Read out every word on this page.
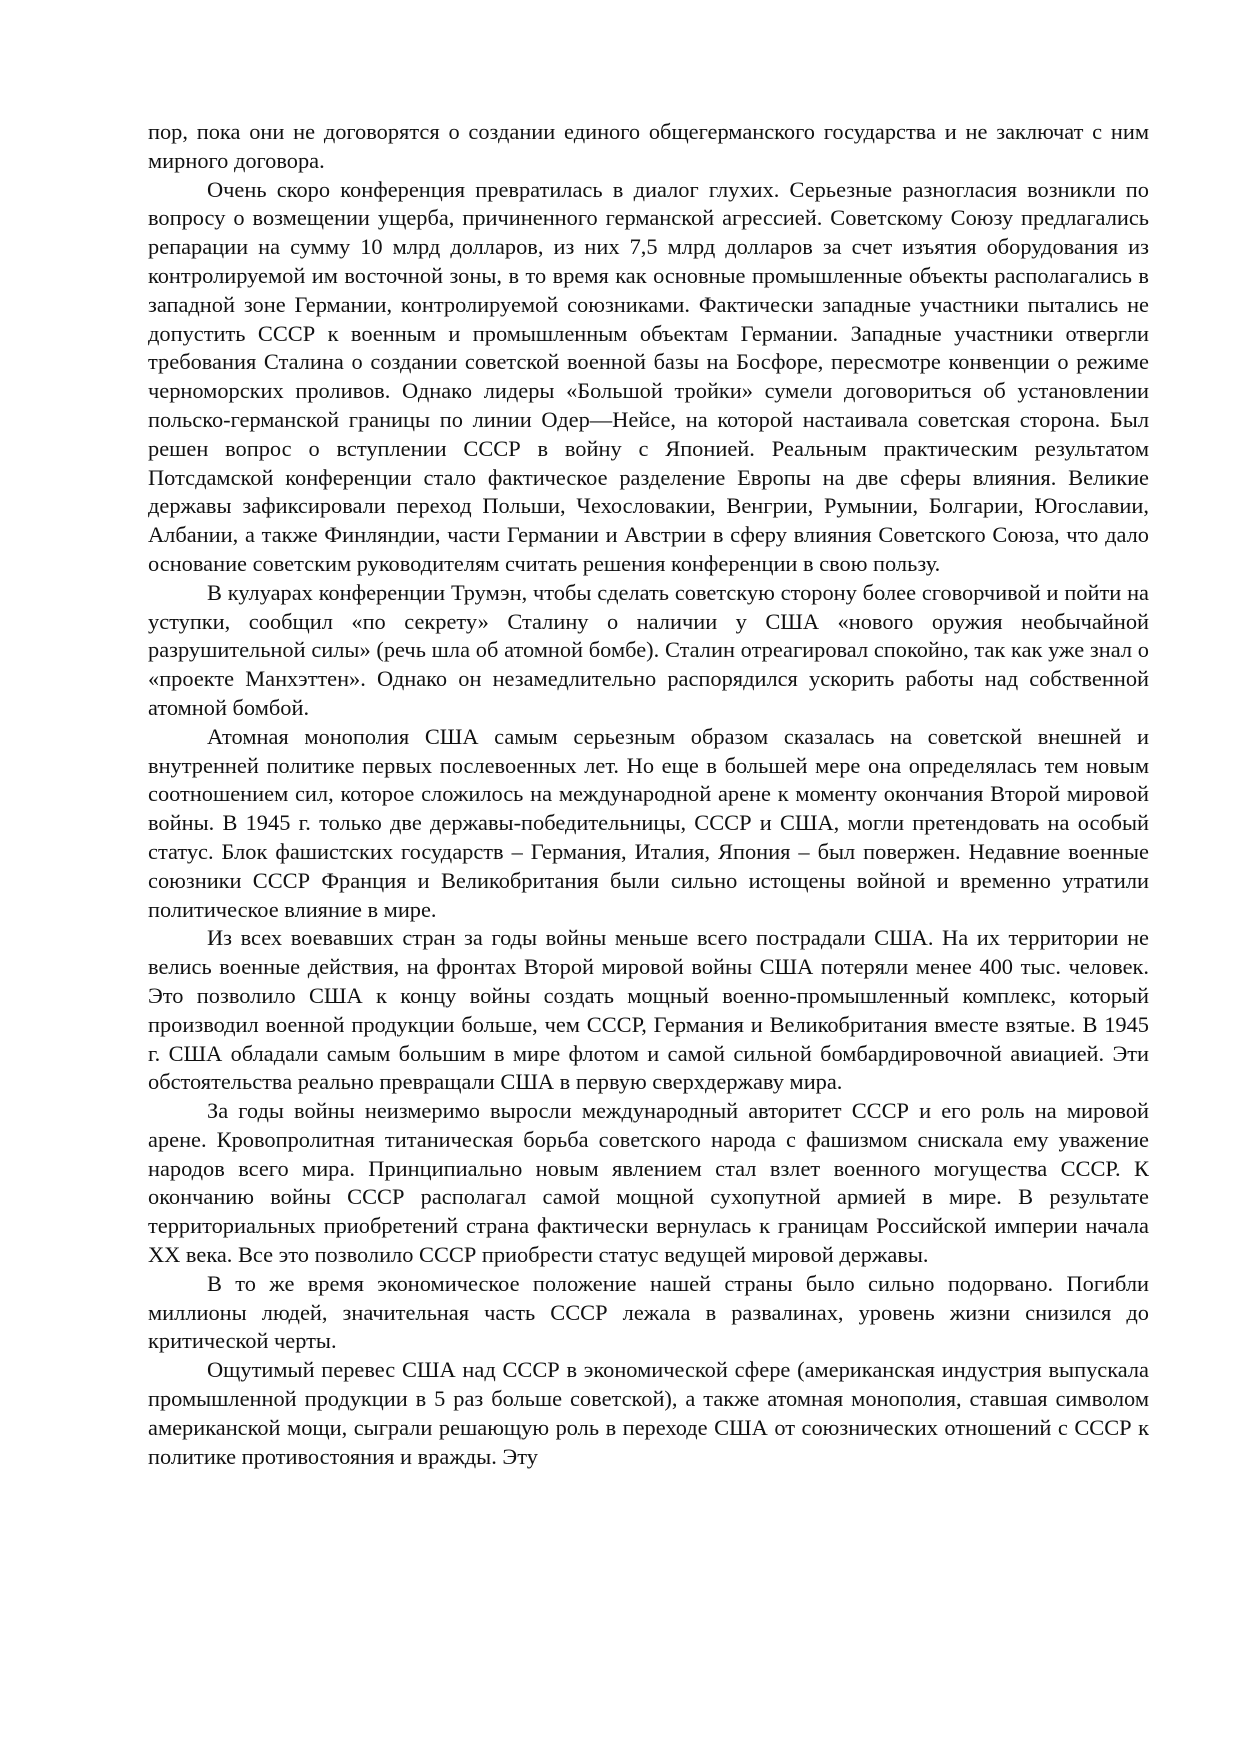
пор, пока они не договорятся о создании единого общегерманского государства и не заключат с ним мирного договора.

Очень скоро конференция превратилась в диалог глухих. Серьезные разногласия возникли по вопросу о возмещении ущерба, причиненного германской агрессией. Советскому Союзу предлагались репарации на сумму 10 млрд долларов, из них 7,5 млрд долларов за счет изъятия оборудования из контролируемой им восточной зоны, в то время как основные промышленные объекты располагались в западной зоне Германии, контролируемой союзниками. Фактически западные участники пытались не допустить СССР к военным и промышленным объектам Германии. Западные участники отвергли требования Сталина о создании советской военной базы на Босфоре, пересмотре конвенции о режиме черноморских проливов. Однако лидеры «Большой тройки» сумели договориться об установлении польско-германской границы по линии Одер—Нейсе, на которой настаивала советская сторона. Был решен вопрос о вступлении СССР в войну с Японией. Реальным практическим результатом Потсдамской конференции стало фактическое разделение Европы на две сферы влияния. Великие державы зафиксировали переход Польши, Чехословакии, Венгрии, Румынии, Болгарии, Югославии, Албании, а также Финляндии, части Германии и Австрии в сферу влияния Советского Союза, что дало основание советским руководителям считать решения конференции в свою пользу.

В кулуарах конференции Трумэн, чтобы сделать советскую сторону более сговорчивой и пойти на уступки, сообщил «по секрету» Сталину о наличии у США «нового оружия необычайной разрушительной силы» (речь шла об атомной бомбе). Сталин отреагировал спокойно, так как уже знал о «проекте Манхэттен». Однако он незамедлительно распорядился ускорить работы над собственной атомной бомбой.

Атомная монополия США самым серьезным образом сказалась на советской внешней и внутренней политике первых послевоенных лет. Но еще в большей мере она определялась тем новым соотношением сил, которое сложилось на международной арене к моменту окончания Второй мировой войны. В 1945 г. только две державы-победительницы, СССР и США, могли претендовать на особый статус. Блок фашистских государств – Германия, Италия, Япония – был повержен. Недавние военные союзники СССР Франция и Великобритания были сильно истощены войной и временно утратили политическое влияние в мире.

Из всех воевавших стран за годы войны меньше всего пострадали США. На их территории не велись военные действия, на фронтах Второй мировой войны США потеряли менее 400 тыс. человек. Это позволило США к концу войны создать мощный военно-промышленный комплекс, который производил военной продукции больше, чем СССР, Германия и Великобритания вместе взятые. В 1945 г. США обладали самым большим в мире флотом и самой сильной бомбардировочной авиацией. Эти обстоятельства реально превращали США в первую сверхдержаву мира.

За годы войны неизмеримо выросли международный авторитет СССР и его роль на мировой арене. Кровопролитная титаническая борьба советского народа с фашизмом снискала ему уважение народов всего мира. Принципиально новым явлением стал взлет военного могущества СССР. К окончанию войны СССР располагал самой мощной сухопутной армией в мире. В результате территориальных приобретений страна фактически вернулась к границам Российской империи начала XX века. Все это позволило СССР приобрести статус ведущей мировой державы.

В то же время экономическое положение нашей страны было сильно подорвано. Погибли миллионы людей, значительная часть СССР лежала в развалинах, уровень жизни снизился до критической черты.

Ощутимый перевес США над СССР в экономической сфере (американская индустрия выпускала промышленной продукции в 5 раз больше советской), а также атомная монополия, ставшая символом американской мощи, сыграли решающую роль в переходе США от союзнических отношений с СССР к политике противостояния и вражды. Эту
